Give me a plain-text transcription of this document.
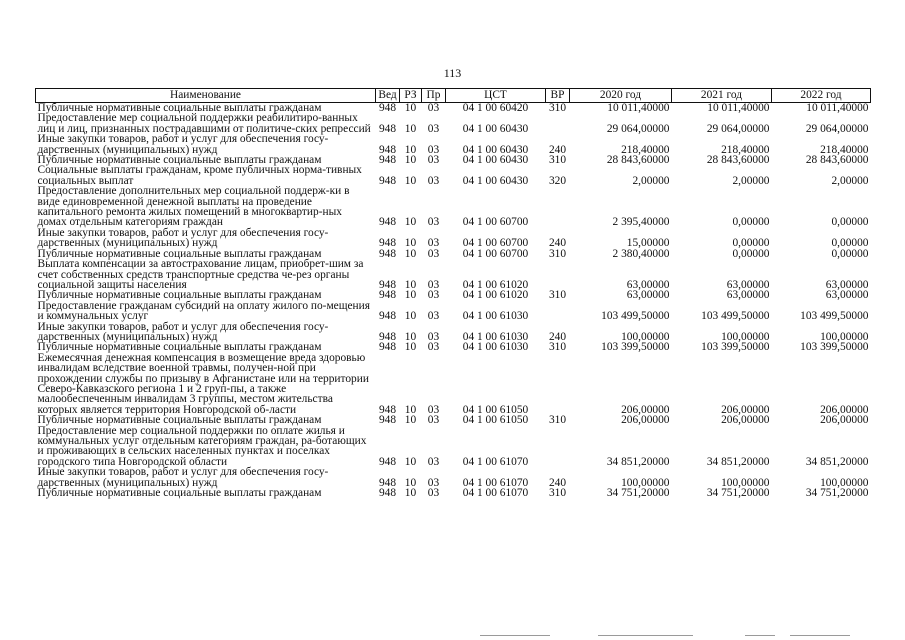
113
Наименование	Вед	РЗ	Пр	ЦСТ	ВР	2020 год	2021 год	2022 год
Публичные нормативные социальные выплаты гражданам	948	10	03	04 1 00 60420	310	10 011,40000	10 011,40000	10 011,40000
Предоставление мер социальной поддержки реабилитиро-ванных лиц и лиц, признанных пострадавшими от политиче-ских репрессий	948	10	03	04 1 00 60430		29 064,00000	29 064,00000	29 064,00000
Иные закупки товаров, работ и услуг для обеспечения госу-дарственных (муниципальных) нужд	948	10	03	04 1 00 60430	240	218,40000	218,40000	218,40000
Публичные нормативные социальные выплаты гражданам	948	10	03	04 1 00 60430	310	28 843,60000	28 843,60000	28 843,60000
Социальные выплаты гражданам, кроме публичных норма-тивных социальных выплат	948	10	03	04 1 00 60430	320	2,00000	2,00000	2,00000
Предоставление дополнительных мер социальной поддерж-ки в виде единовременной денежной выплаты на проведение капитального ремонта жилых помещений в многоквартир-ных домах отдельным категориям граждан	948	10	03	04 1 00 60700		2 395,40000	0,00000	0,00000
Иные закупки товаров, работ и услуг для обеспечения госу-дарственных (муниципальных) нужд	948	10	03	04 1 00 60700	240	15,00000	0,00000	0,00000
Публичные нормативные социальные выплаты гражданам	948	10	03	04 1 00 60700	310	2 380,40000	0,00000	0,00000
Выплата компенсации за автострахование лицам, приобрет-шим за счет собственных средств транспортные средства че-рез органы социальной защиты населения	948	10	03	04 1 00 61020		63,00000	63,00000	63,00000
Публичные нормативные социальные выплаты гражданам	948	10	03	04 1 00 61020	310	63,00000	63,00000	63,00000
Предоставление гражданам субсидий на оплату жилого по-мещения и коммунальных услуг	948	10	03	04 1 00 61030		103 499,50000	103 499,50000	103 499,50000
Иные закупки товаров, работ и услуг для обеспечения госу-дарственных (муниципальных) нужд	948	10	03	04 1 00 61030	240	100,00000	100,00000	100,00000
Публичные нормативные социальные выплаты гражданам	948	10	03	04 1 00 61030	310	103 399,50000	103 399,50000	103 399,50000
Ежемесячная денежная компенсация в возмещение вреда здоровью инвалидам вследствие военной травмы, получен-ной при прохождении службы по призыву в Афганистане или на территории Северо-Кавказского региона 1 и 2 груп-пы, а также малообеспеченным инвалидам 3 группы, местом жительства которых является территория Новгородской об-ласти	948	10	03	04 1 00 61050		206,00000	206,00000	206,00000
Публичные нормативные социальные выплаты гражданам	948	10	03	04 1 00 61050	310	206,00000	206,00000	206,00000
Предоставление мер социальной поддержки по оплате жилья и коммунальных услуг отдельным категориям граждан, ра-ботающих и проживающих в сельских населенных пунктах и поселках городского типа Новгородской области	948	10	03	04 1 00 61070		34 851,20000	34 851,20000	34 851,20000
Иные закупки товаров, работ и услуг для обеспечения госу-дарственных (муниципальных) нужд	948	10	03	04 1 00 61070	240	100,00000	100,00000	100,00000
Публичные нормативные социальные выплаты гражданам	948	10	03	04 1 00 61070	310	34 751,20000	34 751,20000	34 751,20000
